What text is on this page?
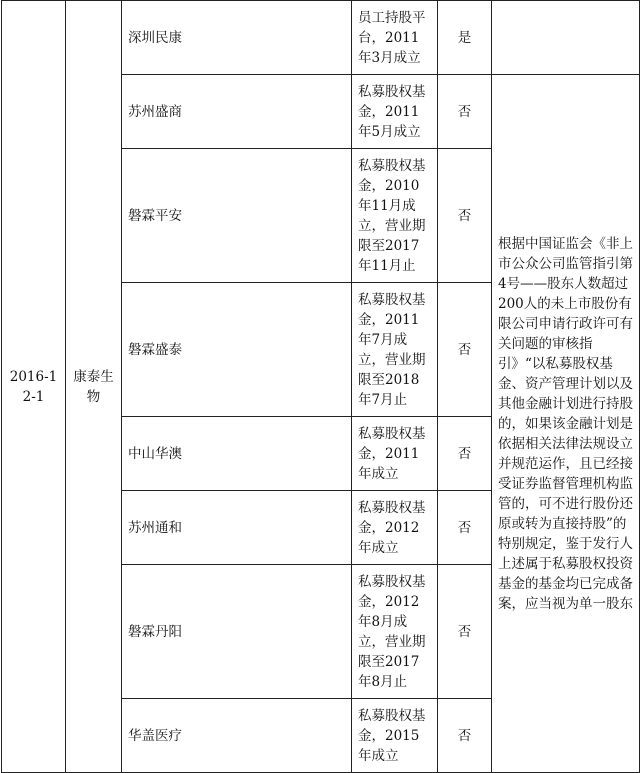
2016-12-1	康泰生物	深圳民康	员工持股平台，2011年3月成立	是	
		苏州盛商	私募股权基金，2011年5月成立	否	根据中国证监会《非上市公众公司监管指引第4号——股东人数超过200人的未上市股份有限公司申请行政许可有关问题的审核指引》“以私募股权基金、资产管理计划以及其他金融计划进行持股的，如果该金融计划是依据相关法律法规设立并规范运作，且已经接受证券监督管理机构监管的，可不进行股份还原或转为直接持股”的特别规定，鉴于发行人上述属于私募股权投资基金的基金均已完成备案，应当视为单一股东
		磐霖平安	私募股权基金，2010年11月成立，营业期限至2017年11月止	否	
		磐霖盛泰	私募股权基金，2011年7月成立，营业期限至2018年7月止	否	
		中山华澳	私募股权基金，2011年成立	否	
		苏州通和	私募股权基金，2012年成立	否	
		磐霖丹阳	私募股权基金，2012年8月成立，营业期限至2017年8月止	否	
		华盖医疗	私募股权基金，2015年成立	否	
